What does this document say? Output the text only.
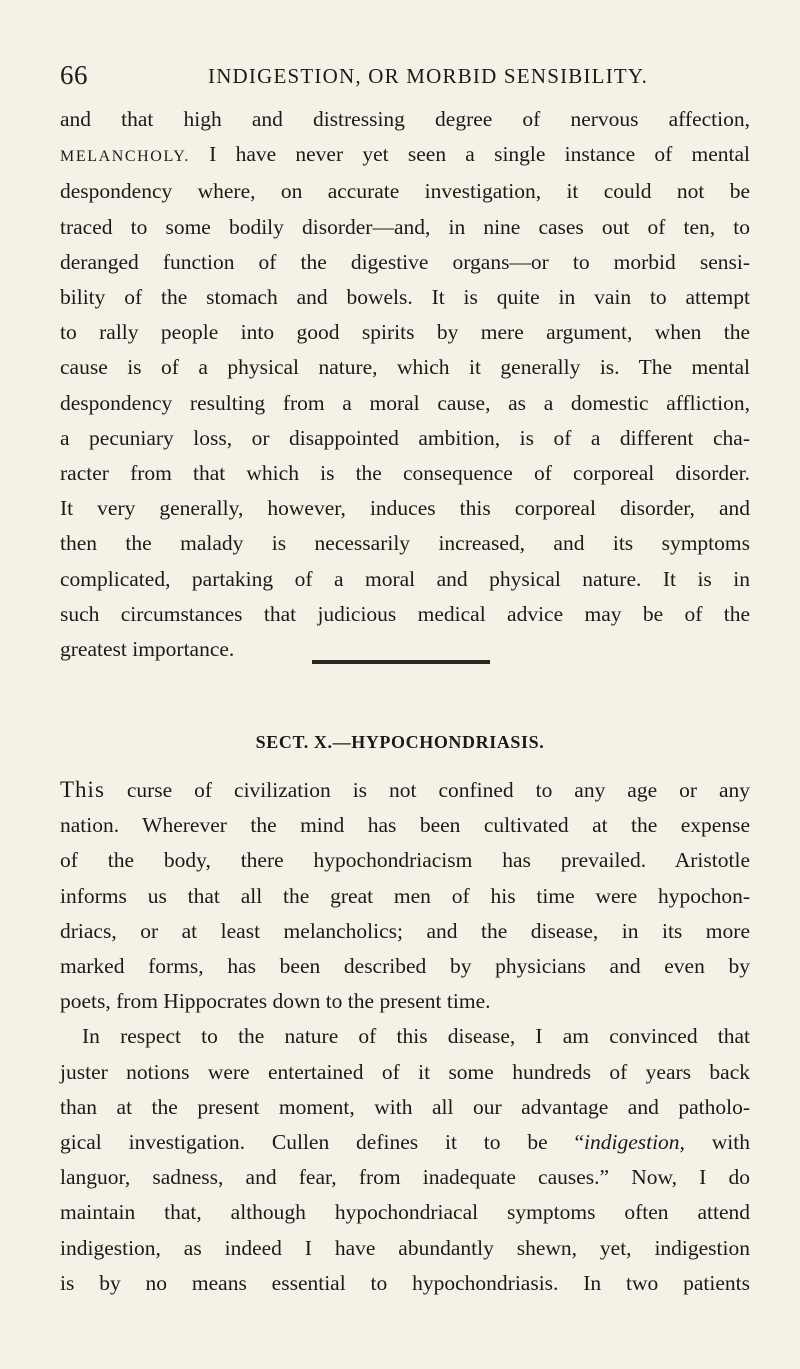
66	INDIGESTION, OR MORBID SENSIBILITY.
and that high and distressing degree of nervous affection,
MELANCHOLY. I have never yet seen a single instance of mental
despondency where, on accurate investigation, it could not be
traced to some bodily disorder—and, in nine cases out of ten, to
deranged function of the digestive organs—or to morbid sensi-
bility of the stomach and bowels. It is quite in vain to attempt
to rally people into good spirits by mere argument, when the
cause is of a physical nature, which it generally is. The mental
despondency resulting from a moral cause, as a domestic affliction,
a pecuniary loss, or disappointed ambition, is of a different cha-
racter from that which is the consequence of corporeal disorder.
It very generally, however, induces this corporeal disorder, and
then the malady is necessarily increased, and its symptoms
complicated, partaking of a moral and physical nature. It is in
such circumstances that judicious medical advice may be of the
greatest importance.
SECT. X.—HYPOCHONDRIASIS.
This curse of civilization is not confined to any age or any
nation. Wherever the mind has been cultivated at the expense
of the body, there hypochondriacism has prevailed. Aristotle
informs us that all the great men of his time were hypochon-
driacs, or at least melancholics; and the disease, in its more
marked forms, has been described by physicians and even by
poets, from Hippocrates down to the present time.
In respect to the nature of this disease, I am convinced that
juster notions were entertained of it some hundreds of years back
than at the present moment, with all our advantage and patholo-
gical investigation. Cullen defines it to be “indigestion, with
languor, sadness, and fear, from inadequate causes.” Now, I do
maintain that, although hypochondriacal symptoms often attend
indigestion, as indeed I have abundantly shewn, yet, indigestion
is by no means essential to hypochondriasis. In two patients
